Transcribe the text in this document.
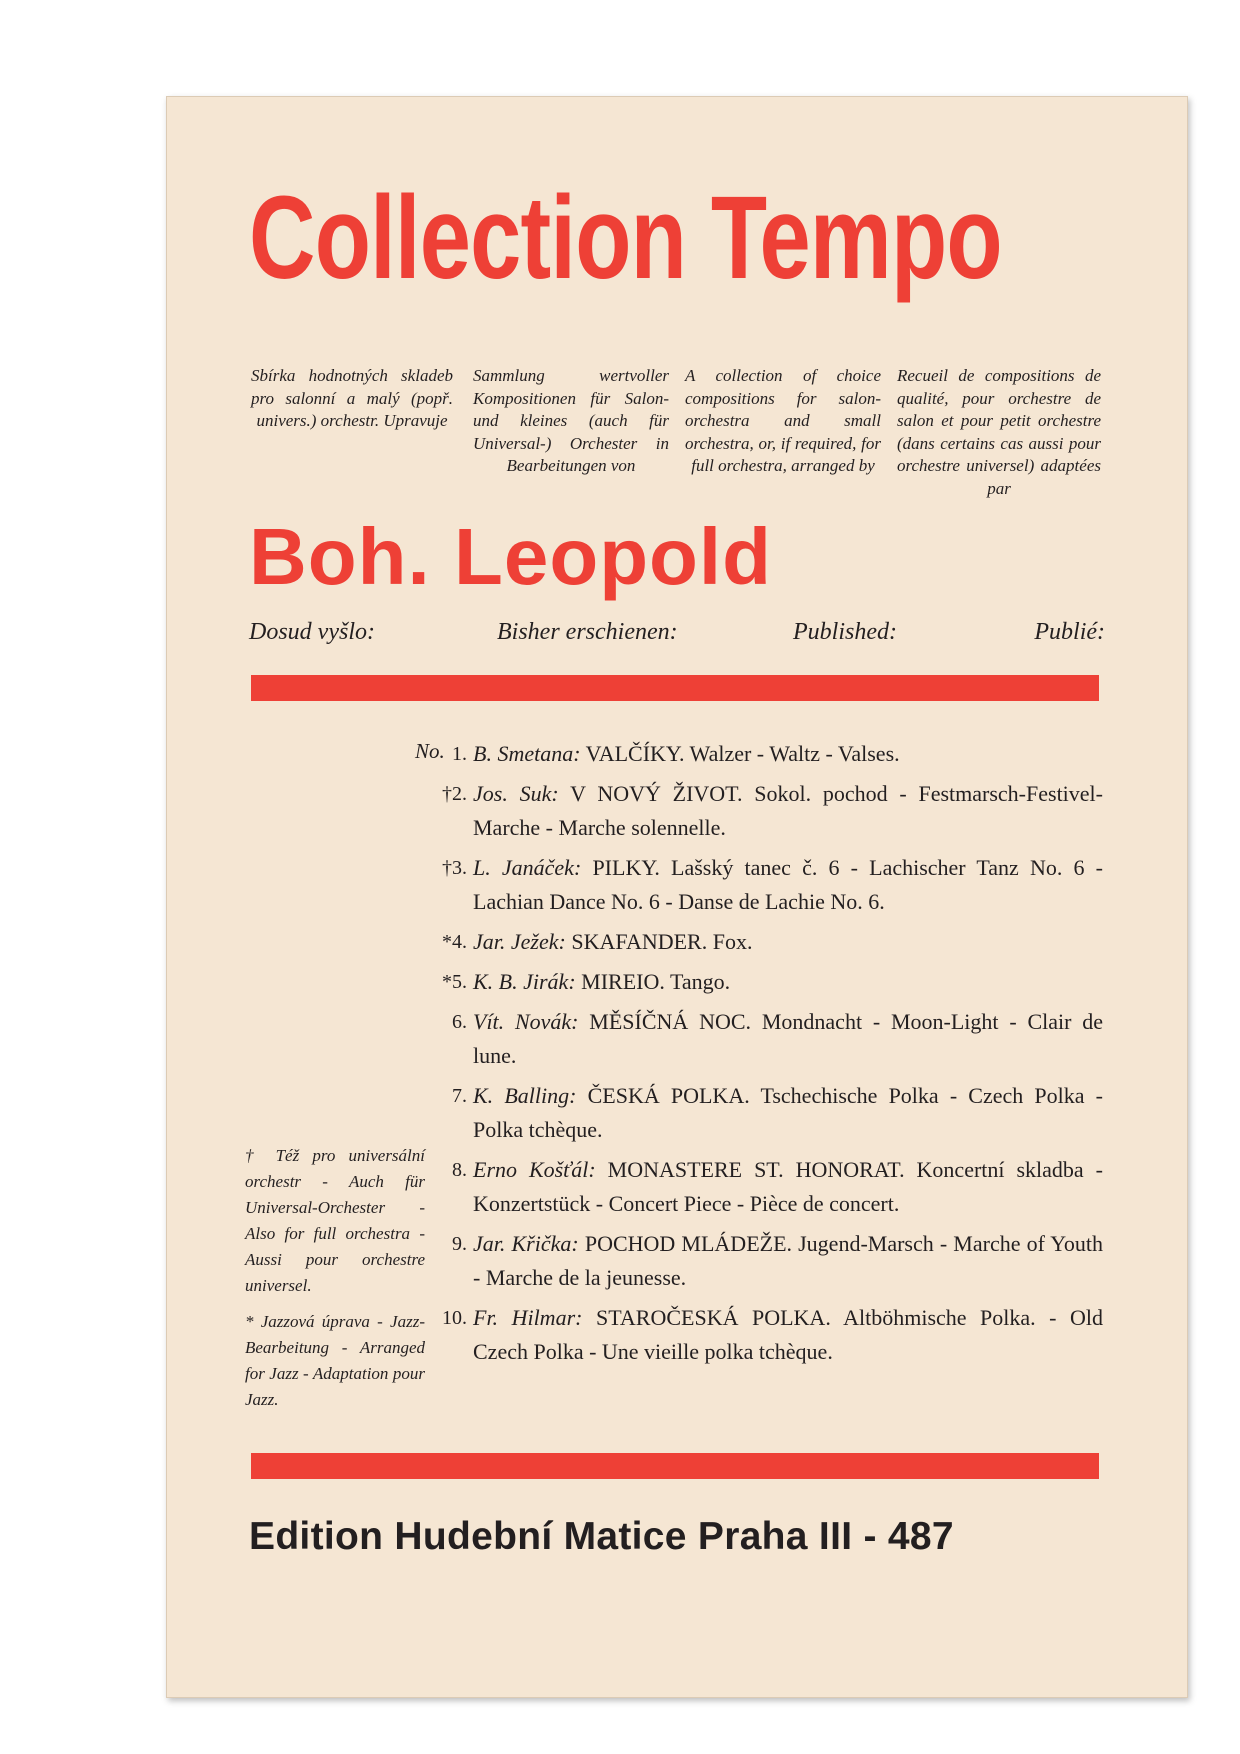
Collection Tempo
Sbírka hodnotných skladeb pro salonní a malý (popř. univers.) orchestr. Upravuje
Sammlung wertvoller Kompositionen für Salon- und kleines (auch für Universal-) Orchester in Bearbeitungen von
A collection of choice compositions for salon-orchestra and small orchestra, or, if required, for full orchestra, arranged by
Recueil de compositions de qualité, pour orchestre de salon et pour petit orchestre (dans certains cas aussi pour orchestre universel) adaptées par
Boh. Leopold
Dosud vyšlo:	Bisher erschienen:	Published:	Publié:
No. 1. B. Smetana: VALČÍKY. Walzer - Waltz - Valses.
†2. Jos. Suk: V NOVÝ ŽIVOT. Sokol. pochod - Festmarsch-Festivel-Marche - Marche solennelle.
†3. L. Janáček: PILKY. Lašský tanec č. 6 - Lachischer Tanz No. 6 - Lachian Dance No. 6 - Danse de Lachie No. 6.
*4. Jar. Ježek: SKAFANDER. Fox.
*5. K. B. Jirák: MIREIO. Tango.
6. Vít. Novák: MĚSÍČNÁ NOC. Mondnacht - Moon-Light - Clair de lune.
7. K. Balling: ČESKÁ POLKA. Tschechische Polka - Czech Polka - Polka tchèque.
8. Erno Košťál: MONASTERE ST. HONORAT. Koncertní skladba - Konzertstück - Concert Piece - Pièce de concert.
9. Jar. Křička: POCHOD MLÁDEŽE. Jugend-Marsch - Marche of Youth - Marche de la jeunesse.
10. Fr. Hilmar: STAROČESKÁ POLKA. Altböhmische Polka. - Old Czech Polka - Une vieille polka tchèque.

† Též pro universální orchestr - Auch für Universal-Orchester - Also for full orchestra - Aussi pour orchestre universel.

* Jazzová úprava - Jazz-Bearbeitung - Arranged for Jazz - Adaptation pour Jazz.

Edition Hudební Matice Praha III - 487
